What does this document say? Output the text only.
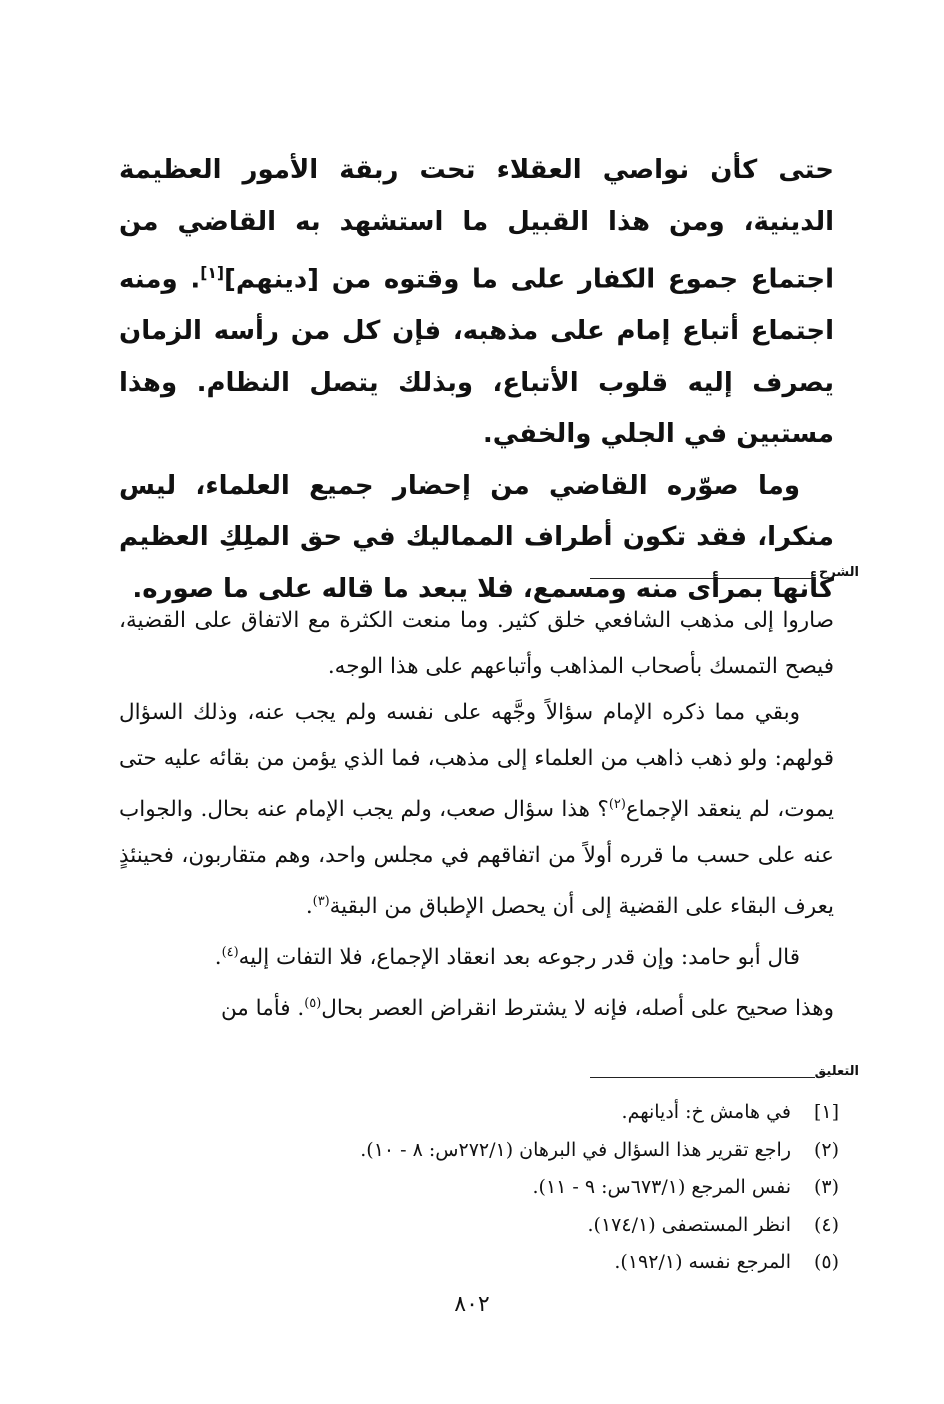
حتى كأن نواصي العقلاء تحت ربقة الأمور العظيمة الدينية، ومن هذا القبيل ما استشهد به القاضي من اجتماع جموع الكفار على ما وقتوه من [دينهم][١]. ومنه اجتماع أتباع إمام على مذهبه، فإن كل من رأسه الزمان يصرف إليه قلوب الأتباع، وبذلك يتصل النظام. وهذا مستبين في الجلي والخفي.

وما صوّره القاضي من إحضار جميع العلماء، ليس منكرا، فقد تكون أطراف المماليك في حق الملِكِ العظيم كأنها بمرأى منه ومسمع، فلا يبعد ما قاله على ما صوره.

الشرح

صاروا إلى مذهب الشافعي خلق كثير. وما منعت الكثرة مع الاتفاق على القضية، فيصح التمسك بأصحاب المذاهب وأتباعهم على هذا الوجه.

وبقي مما ذكره الإمام سؤالاً وجَّهه على نفسه ولم يجب عنه، وذلك السؤال قولهم: ولو ذهب ذاهب من العلماء إلى مذهب، فما الذي يؤمن من بقائه عليه حتى يموت، لم ينعقد الإجماع$^{(٢)}$؟ هذا سؤال صعب، ولم يجب الإمام عنه بحال. والجواب عنه على حسب ما قرره أولاً من اتفاقهم في مجلس واحد، وهم متقاربون، فحينئذٍ يعرف البقاء على القضية إلى أن يحصل الإطباق من البقية$^{(٣)}$.

قال أبو حامد: وإن قدر رجوعه بعد انعقاد الإجماع، فلا التفات إليه$^{(٤)}$.

وهذا صحيح على أصله، فإنه لا يشترط انقراض العصر بحال$^{(٥)}$. فأما من

التعليق
[١]
في هامش خ: أديانهم.
(٢)
راجع تقرير هذا السؤال في البرهان (٢٧٢/١س: ٨ - ١٠).
(٣)
نفس المرجع (٦٧٣/١س: ٩ - ١١).
(٤)
انظر المستصفى (١٧٤/١).
(٥)
المرجع نفسه (١٩٢/١).
٨٠٢
